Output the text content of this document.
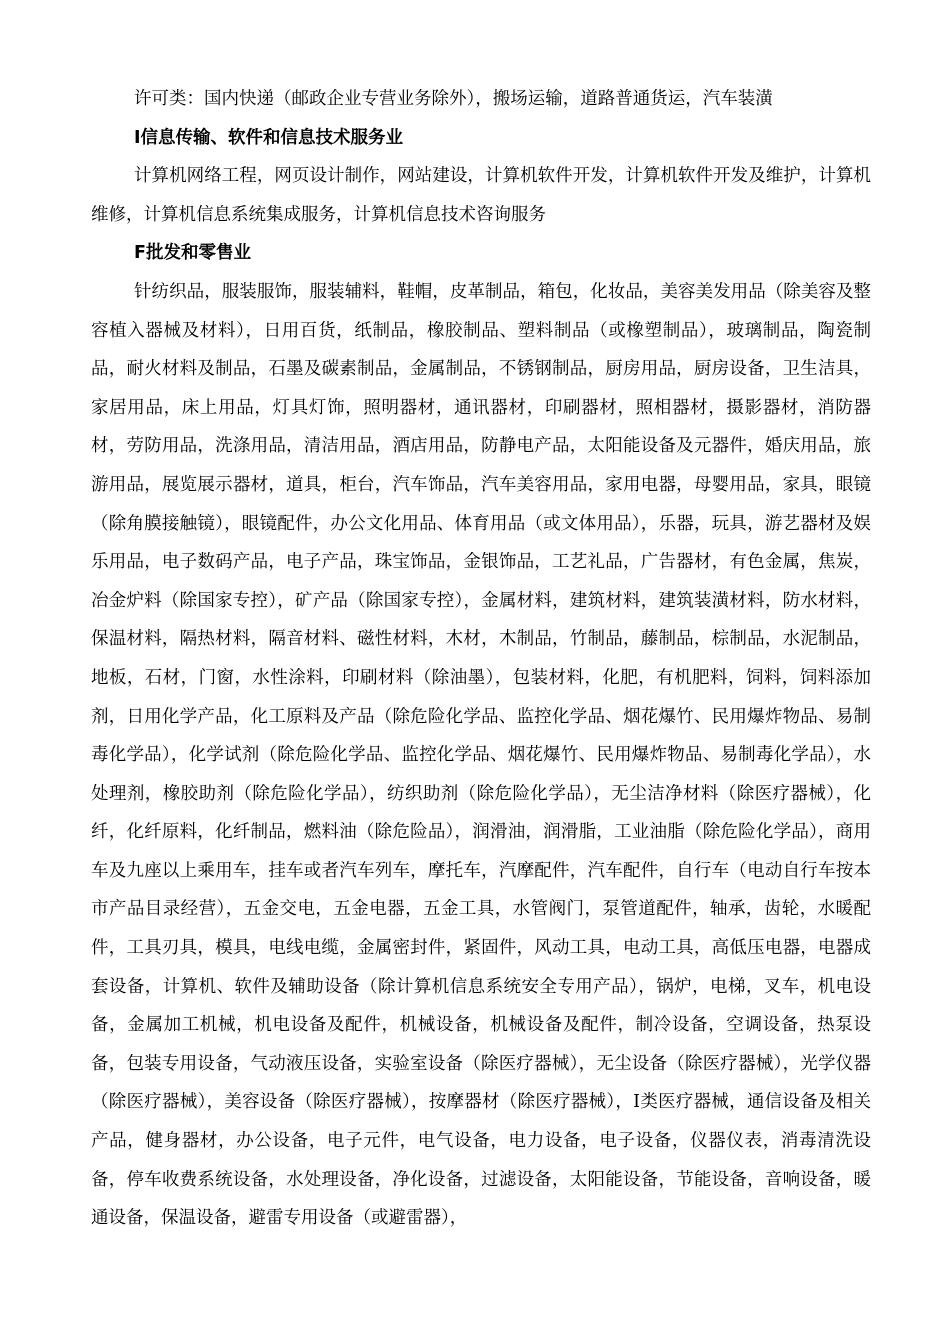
许可类：国内快递（邮政企业专营业务除外），搬场运输，道路普通货运，汽车装潢

I信息传输、软件和信息技术服务业

计算机网络工程，网页设计制作，网站建设，计算机软件开发，计算机软件开发及维护，计算机维修，计算机信息系统集成服务，计算机信息技术咨询服务

F批发和零售业

针纺织品，服装服饰，服装辅料，鞋帽，皮革制品，箱包，化妆品，美容美发用品（除美容及整容植入器械及材料），日用百货，纸制品，橡胶制品、塑料制品（或橡塑制品），玻璃制品，陶瓷制品，耐火材料及制品，石墨及碳素制品，金属制品，不锈钢制品，厨房用品，厨房设备，卫生洁具，家居用品，床上用品，灯具灯饰，照明器材，通讯器材，印刷器材，照相器材，摄影器材，消防器材，劳防用品，洗涤用品，清洁用品，酒店用品，防静电产品，太阳能设备及元器件，婚庆用品，旅游用品，展览展示器材，道具，柜台，汽车饰品，汽车美容用品，家用电器，母婴用品，家具，眼镜（除角膜接触镜），眼镜配件，办公文化用品、体育用品（或文体用品），乐器，玩具，游艺器材及娱乐用品，电子数码产品，电子产品，珠宝饰品，金银饰品，工艺礼品，广告器材，有色金属，焦炭，冶金炉料（除国家专控），矿产品（除国家专控），金属材料，建筑材料，建筑装潢材料，防水材料，保温材料，隔热材料，隔音材料、磁性材料，木材，木制品，竹制品，藤制品，棕制品，水泥制品，地板，石材，门窗，水性涂料，印刷材料（除油墨），包装材料，化肥，有机肥料，饲料，饲料添加剂，日用化学产品，化工原料及产品（除危险化学品、监控化学品、烟花爆竹、民用爆炸物品、易制毒化学品），化学试剂（除危险化学品、监控化学品、烟花爆竹、民用爆炸物品、易制毒化学品），水处理剂，橡胶助剂（除危险化学品），纺织助剂（除危险化学品），无尘洁净材料（除医疗器械），化纤，化纤原料，化纤制品，燃料油（除危险品），润滑油，润滑脂，工业油脂（除危险化学品），商用车及九座以上乘用车，挂车或者汽车列车，摩托车，汽摩配件，汽车配件，自行车（电动自行车按本市产品目录经营），五金交电，五金电器，五金工具，水管阀门，泵管道配件，轴承，齿轮，水暖配件，工具刃具，模具，电线电缆，金属密封件，紧固件，风动工具，电动工具，高低压电器，电器成套设备，计算机、软件及辅助设备（除计算机信息系统安全专用产品），锅炉，电梯，叉车，机电设备，金属加工机械，机电设备及配件，机械设备，机械设备及配件，制冷设备，空调设备，热泵设备，包装专用设备，气动液压设备，实验室设备（除医疗器械），无尘设备（除医疗器械），光学仪器（除医疗器械），美容设备（除医疗器械），按摩器材（除医疗器械），Ⅰ类医疗器械，通信设备及相关产品，健身器材，办公设备，电子元件，电气设备，电力设备，电子设备，仪器仪表，消毒清洗设备，停车收费系统设备，水处理设备，净化设备，过滤设备，太阳能设备，节能设备，音响设备，暖通设备，保温设备，避雷专用设备（或避雷器），
